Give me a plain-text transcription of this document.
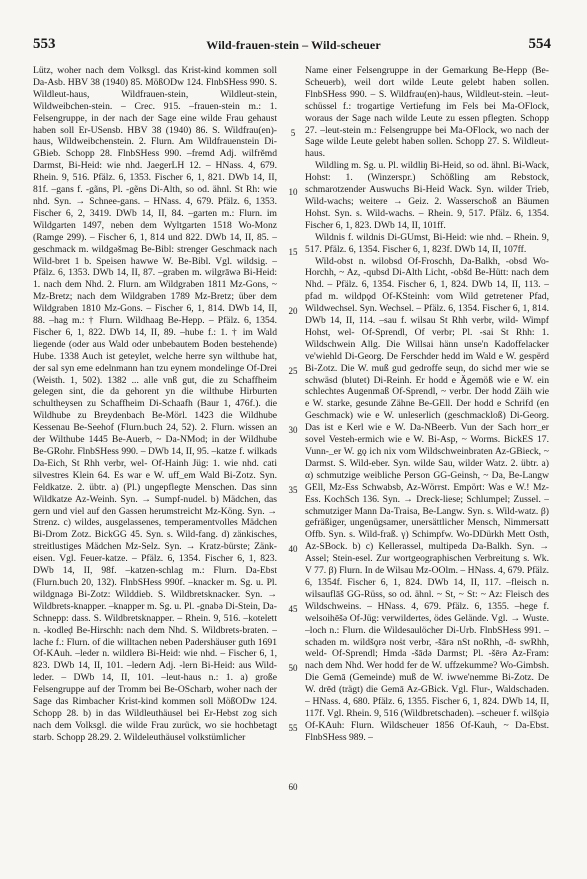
553	Wild-frauen-stein – Wild-scheuer	554

Lütz, woher nach dem Volksgl. das Krist-kind kommen soll Da-Asb. HBV 38 (1940) 85. MößODw 124. FlnbSHess 990. S. Wildleut-haus, Wildfrauen-stein, Wildleut-stein, Wildweibchen-stein. – Crec. 915. –frauen-stein m.: 1. Felsengruppe, in der nach der Sage eine wilde Frau gehaust haben soll Er-USensb. HBV 38 (1940) 86. S. Wildfrau(en)-haus, Wildweibchenstein. 2. Flurn. Am Wildfrauenstein Di-GBieb. Schopp 28. FlnbSHess 990. –fremd Adj. wilfrĕmd Darmst, Bi-Heid: wie nhd. JaegerLH 12. – HNass. 4, 679. Rhein. 9, 516. Pfälz. 6, 1353. Fischer 6, 1, 821. DWb 14, II, 81f. –gans f. -gãns, Pl. -gẽns Di-Alth, so od. ähnl. St Rh: wie nhd. Syn. → Schnee-gans. – HNass. 4, 679. Pfälz. 6, 1353. Fischer 6, 2, 3419. DWb 14, II, 84. –garten m.: Flurn. im Wildgarten 1497, neben dem Wyltgarten 1518 Wo-Monz (Ramge 299). – Fischer 6, 1, 814 und 822. DWb 14, II, 85. –geschmack m. wildgəšmag Be-Bibl: strenger Geschmack nach Wild-bret 1 b. Speisen hawwe W. Be-Bibl. Vgl. wildsig. – Pfälz. 6, 1353. DWb 14, II, 87. –graben m. wilgrāwə Bi-Heid: 1. nach dem Nhd. 2. Flurn. am Wildgraben 1811 Mz-Gons, ~ Mz-Bretz; nach dem Wildgraben 1789 Mz-Bretz; über dem Wildgraben 1810 Mz-Gons. – Fischer 6, 1, 814. DWb 14, II, 88. –hag m.: † Flurn. Wildhaag Be-Hepp. – Pfälz. 6, 1354. Fischer 6, 1, 822. DWb 14, II, 89. –hube f.: 1. † im Wald liegende (oder aus Wald oder unbebautem Boden bestehende) Hube. 1338 Auch ist geteylet, welche herre syn wilthube hat, der sal syn eme edelnmann han tzu eynem mondelinge Of-Drei (Weisth. 1, 502). 1382 ... alle vnß gut, die zu Schaffheim gelegen sint, die da gehorent yn die wilthube Hirburten schultheysen zu Schaffheim Di-Schaafh (Baur 1, 476f.). die Wildhube zu Breydenbach Be-Mörl. 1423 die Wildhube Kessenau Be-Seehof (Flurn.buch 24, 52). 2. Flurn. wissen an der Wilthube 1445 Be-Auerb, ~ Da-NMod; in der Wildhube Be-GRohr. FlnbSHess 990. – DWb 14, II, 95. –katze f. wilkads Da-Eich, St Rhh verbr, wel- Of-Hainh Jüg: 1. wie nhd. cati silvestres Klein 64. Es war e W. uff_em Wald Bi-Zotz. Syn. Feldkatze. 2. übtr. a) (Pl.) ungepflegte Menschen. Das sinn Wildkatze Az-Weinh. Syn. → Sumpf-nudel. b) Mädchen, das gern und viel auf den Gassen herumstreicht Mz-Köng. Syn. → Strenz. c) wildes, ausgelassenes, temperamentvolles Mädchen Bi-Drom Zotz. BickGG 45. Syn. s. Wild-fang. d) zänkisches, streitlustiges Mädchen Mz-Selz. Syn. → Kratz-bürste; Zänk-eisen. Vgl. Feuer-katze. – Pfälz. 6, 1354. Fischer 6, 1, 823. DWb 14, II, 98f. –katzen-schlag m.: Flurn. Da-Ebst (Flurn.buch 20, 132). FlnbSHess 990f. –knacker m. Sg. u. Pl. wildgnagə Bi-Zotz: Wilddieb. S. Wildbretsknacker. Syn. → Wildbrets-knapper. –knapper m. Sg. u. Pl. -gnabə Di-Stein, Da-Schnepp: dass. S. Wildbretsknapper. – Rhein. 9, 516. –kotelett n. -kodleḍ Be-Hirschh: nach dem Nhd. S. Wildbrets-braten. –lache f.: Flurn. of die willtachen neben Padershäuser guth 1691 Of-KAuh. –leder n. wildlerə Bi-Heid: wie nhd. – Fischer 6, 1, 823. DWb 14, II, 101. –ledern Adj. -lern Bi-Heid: aus Wild-leder. – DWb 14, II, 101. –leut-haus n.: 1. a) große Felsengruppe auf der Tromm bei Be-OScharb, woher nach der Sage das Rimbacher Krist-kind kommen soll MößODw 124. Schopp 28. b) in das Wildleuthäusel bei Er-Hebst zog sich nach dem Volksgl. die wilde Frau zurück, wo sie hochbetagt starb. Schopp 28.29. 2. Wildeleuthäusel volkstümlicher

5
10
15
20
25
30
35
40
45
50
55
60

Name einer Felsengruppe in der Gemarkung Be-Hepp (Be-Scheuerb), weil dort wilde Leute gelebt haben sollen. FlnbSHess 990. – S. Wildfrau(en)-haus, Wildleut-stein. –leut-schüssel f.: trogartige Vertiefung im Fels bei Ma-OFlock, woraus der Sage nach wilde Leute zu essen pflegten. Schopp 27. –leut-stein m.: Felsengruppe bei Ma-OFlock, wo nach der Sage wilde Leute gelebt haben sollen. Schopp 27. S. Wildleut-haus.

Wildling m. Sg. u. Pl. wildliŋ Bi-Heid, so od. ähnl. Bi-Wack, Hohst: 1. (Winzerspr.) Schößling am Rebstock, schmarotzender Auswuchs Bi-Heid Wack. Syn. wilder Trieb, Wild-wachs; weitere → Geiz. 2. Wasserschoß an Bäumen Hohst. Syn. s. Wild-wachs. – Rhein. 9, 517. Pfälz. 6, 1354. Fischer 6, 1, 823. DWb 14, II, 101ff.

Wildnis f. wildnis Di-GUmst, Bi-Heid: wie nhd. – Rhein. 9, 517. Pfälz. 6, 1354. Fischer 6, 1, 823f. DWb 14, II, 107ff.

Wild-obst n. wilobsd Of-Froschh, Da-Balkh, -obsd Wo-Horchh, ~ Az, -qubsd Di-Alth Licht, -obšd Be-Hütt: nach dem Nhd. – Pfälz. 6, 1354. Fischer 6, 1, 824. DWb 14, II, 113. –pfad m. wildpǫd Of-KSteinh: vom Wild getretener Pfad, Wildwechsel. Syn. Wechsel. – Pfälz. 6, 1354. Fischer 6, 1, 814. DWb 14, II, 114. –sau f. wilsau St Rhh verbr, wild- Wimpf Hohst, wel- Of-Sprendl, Of verbr; Pl. -sai St Rhh: 1. Wildschwein Allg. Die Willsai hänn unse'n Kadoffelacker ve'wiehld Di-Georg. De Ferschder hedd im Wald e W. gespërd Bi-Zotz. Die W. muß gud gedroffe seu̯n, do sichd mer wie se schwäsd (blutet) Di-Reinh. Er hodd e Ägemöß wie e W. ein schlechtes Augenmaß Of-Sprendl, ~ verbr. Der hodd Zäih wie e W. starke, gesunde Zähne Be-GEll. Der hodd e Schrifd (en Geschmack) wie e W. unleserlich (geschmackloß) Di-Georg. Das ist e Kerl wie e W. Da-NBeerb. Vun der Sach horr_er sovel Vesteh-ermich wie e W. Bi-Asp, ~ Worms. BickES 17. Vunn-_er W. gǫ ich nix vom Wildschweinbraten Az-GBieck, ~ Darmst. S. Wild-eber. Syn. wilde Sau, wilder Watz. 2. übtr. a) α) schmutzige weibliche Person GG-Geinsh, ~ Da, Be-Langw GEll, Mz-Ess Schwabsb, Az-Wörrst. Empört: Was e W.! Mz-Ess. KochSch 136. Syn. → Dreck-liese; Schlumpel; Zussel. – schmutziger Mann Da-Traisa, Be-Langw. Syn. s. Wild-watz. β) gefräßiger, ungenügsamer, unersättlicher Mensch, Nimmersatt Offb. Syn. s. Wild-fraß. γ) Schimpfw. Wo-DDürkh Mett Osth, Az-SBock. b) c) Kellerassel, multipeda Da-Balkh. Syn. → Assel; Stein-esel. Zur wortgeographischen Verbreitung s. Wk. V 77. β) Flurn. In de Wilsau Mz-OOlm. – HNass. 4, 679. Pfälz. 6, 1354f. Fischer 6, 1, 824. DWb 14, II, 117. –fleisch n. wilsauflāš GG-Rüss, so od. ähnl. ~ St, ~ St: ~ Az: Fleisch des Wildschweins. – HNass. 4, 679. Pfälz. 6, 1355. –hege f. welsoihēšə Of-Jüg: verwildertes, ödes Gelände. Vgl. → Wuste. –loch n.: Flurn. die Wildesaulöcher Di-Urb. FlnbSHess 991. –schaden m. wildšǫrə noṡt verbr, -šārə nSt noRhh, -ḋ- swRhh, weld- Of-Sprendl; Hmda -šādə Darmst; Pl. -šērə Az-Fram: nach dem Nhd. Wer hodd fer de W. uffzekumme? Wo-Gimbsh. Die Gemā (Gemeinde) muß de W. iwwe'nemme Bi-Zotz. De W. drēd (trägt) die Gemā Az-GBick. Vgl. Flur-, Waldschaden. – HNass. 4, 680. Pfälz. 6, 1355. Fischer 6, 1, 824. DWb 14, II, 117f. Vgl. Rhein. 9, 516 (Wildbretschaden). –scheuer f. wilšǫiə Of-KAuh: Flurn. Wildscheuer 1856 Of-Kauh, ~ Da-Ebst. FlnbSHess 989. –
